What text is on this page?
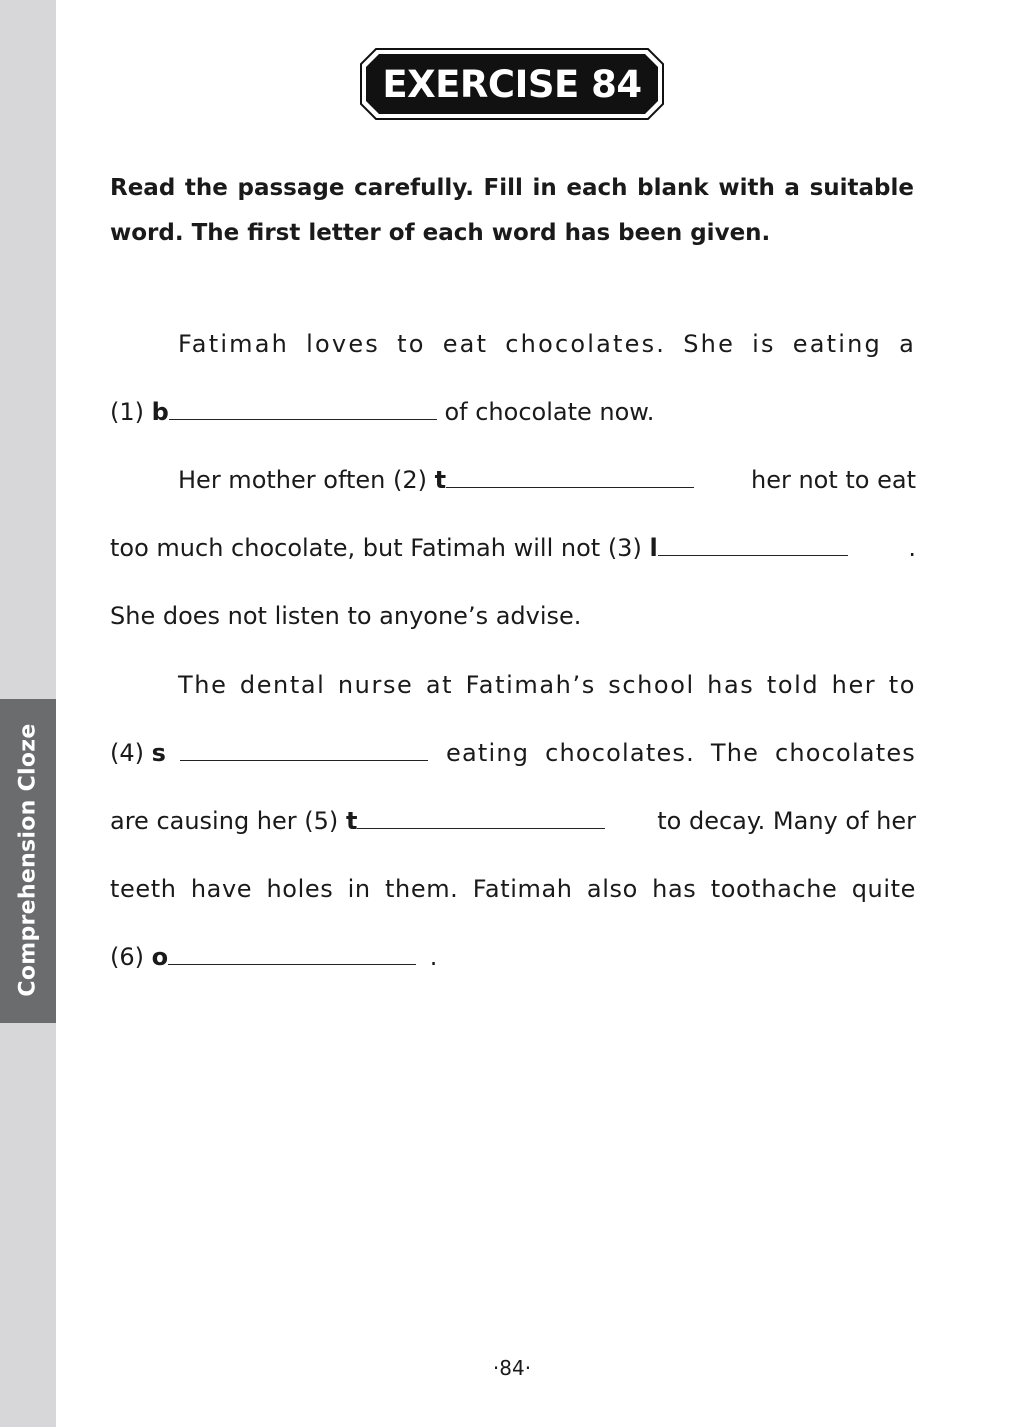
Comprehension Cloze
EXERCISE 84

Read the passage carefully. Fill in each blank with a suitable word. The first letter of each word has been given.

Fatimah loves to eat chocolates. She is eating a
(1) b	of chocolate now.
Her mother often (2) t	her not to eat
too much chocolate, but Fatimah will not (3) l	.
She does not listen to anyone’s advise.
The dental nurse at Fatimah’s school has told her to
(4) s	eating chocolates. The chocolates
are causing her (5) t	to decay. Many of her
teeth have holes in them. Fatimah also has toothache quite
(6) o	.
·84·
